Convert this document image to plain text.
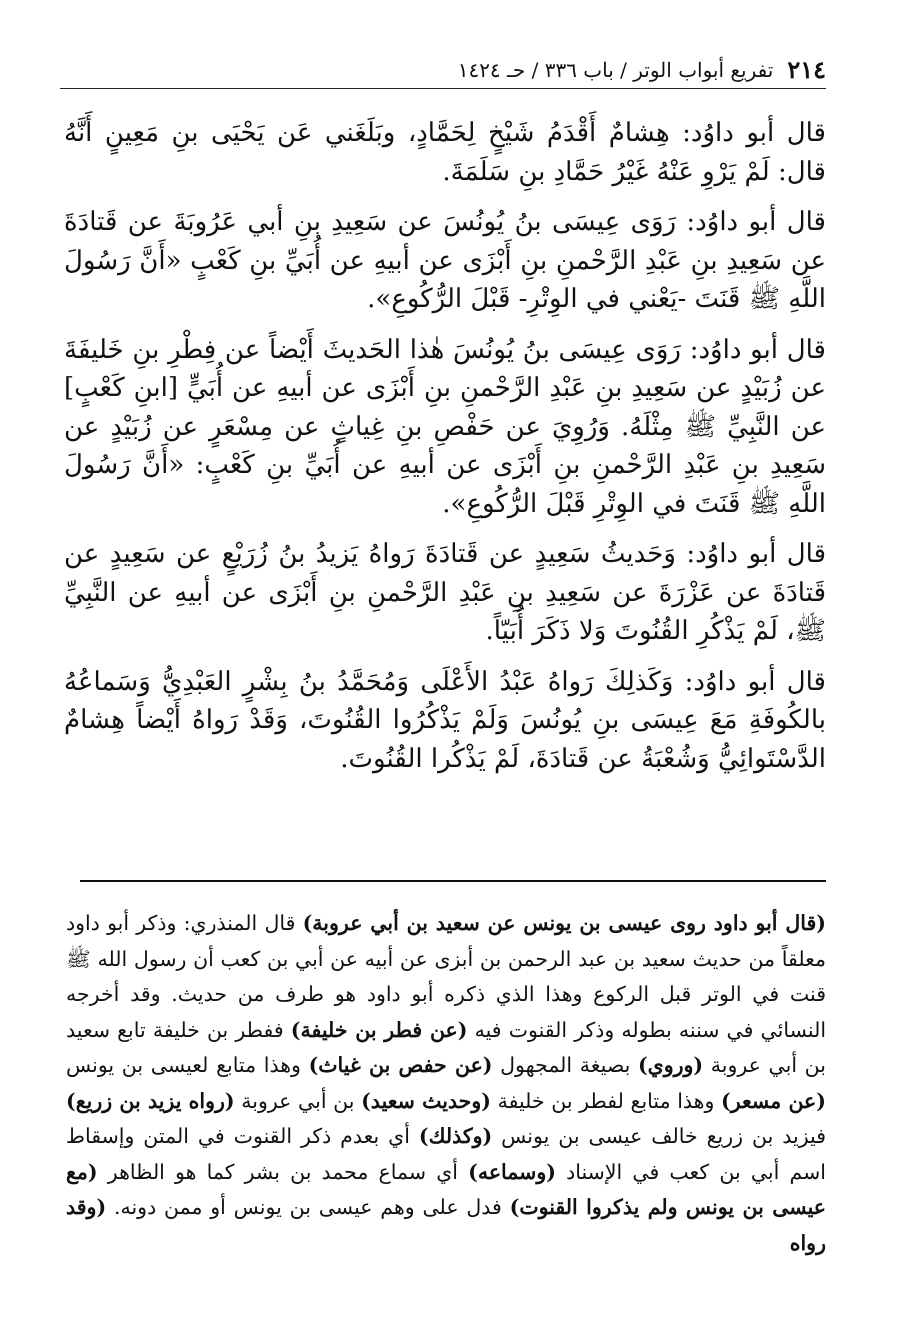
٢١٤
تفريع أبواب الوتر / باب ٣٣٦ / حـ ١٤٢٤

قال أبو داوُد: هِشامٌ أَقْدَمُ شَيْخٍ لِحَمَّادٍ، وبَلَغَني عَن يَحْيَى بنِ مَعِينٍ أَنَّهُ قال: لَمْ يَرْوِ عَنْهُ غَيْرُ حَمَّادِ بنِ سَلَمَةَ.

قال أبو داوُد: رَوَى عِيسَى بنُ يُونُسَ عن سَعِيدِ بنِ أبي عَرُوبَةَ عن قَتادَةَ عن سَعِيدِ بنِ عَبْدِ الرَّحْمنِ بنِ أَبْزَى عن أبيهِ عن أُبَيِّ بنِ كَعْبٍ «أَنَّ رَسُولَ اللَّهِ ﷺ قَنَتَ -يَعْني في الوِتْرِ- قَبْلَ الرُّكُوعِ».

قال أبو داوُد: رَوَى عِيسَى بنُ يُونُسَ هٰذا الحَديثَ أَيْضاً عن فِطْرِ بنِ خَليفَةَ عن زُبَيْدٍ عن سَعِيدِ بنِ عَبْدِ الرَّحْمنِ بنِ أَبْزَى عن أبيهِ عن أُبَيٍّ [ابنِ كَعْبٍ] عن النَّبِيِّ ﷺ مِثْلَهُ. وَرُوِيَ عن حَفْصِ بنِ غِياثٍ عن مِسْعَرٍ عن زُبَيْدٍ عن سَعِيدِ بنِ عَبْدِ الرَّحْمنِ بنِ أَبْزَى عن أبيهِ عن أُبَيِّ بنِ كَعْبٍ: «أَنَّ رَسُولَ اللَّهِ ﷺ قَنَتَ في الوِتْرِ قَبْلَ الرُّكُوعِ».

قال أبو داوُد: وَحَديثُ سَعِيدٍ عن قَتادَةَ رَواهُ يَزيدُ بنُ زُرَيْعٍ عن سَعِيدٍ عن قَتادَةَ عن عَزْرَةَ عن سَعِيدِ بنِ عَبْدِ الرَّحْمنِ بنِ أَبْزَى عن أبيهِ عن النَّبِيِّ ﷺ، لَمْ يَذْكُرِ القُنُوتَ وَلا ذَكَرَ أُبَيّاً.

قال أبو داوُد: وَكَذلِكَ رَواهُ عَبْدُ الأَعْلَى وَمُحَمَّدُ بنُ بِشْرٍ العَبْدِيُّ وَسَماعُهُ بالكُوفَةِ مَعَ عِيسَى بنِ يُونُسَ وَلَمْ يَذْكُرُوا القُنُوتَ، وَقَدْ رَواهُ أَيْضاً هِشامٌ الدَّسْتَوائِيُّ وَشُعْبَةُ عن قَتادَةَ، لَمْ يَذْكُرا القُنُوتَ.

(قال أبو داود روى عيسى بن يونس عن سعيد بن أبي عروبة) قال المنذري: وذكر أبو داود معلقاً من حديث سعيد بن عبد الرحمن بن أبزى عن أبيه عن أبي بن كعب أن رسول الله ﷺ قنت في الوتر قبل الركوع وهذا الذي ذكره أبو داود هو طرف من حديث. وقد أخرجه النسائي في سننه بطوله وذكر القنوت فيه (عن فطر بن خليفة) ففطر بن خليفة تابع سعيد بن أبي عروبة (وروي) بصيغة المجهول (عن حفص بن غياث) وهذا متابع لعيسى بن يونس (عن مسعر) وهذا متابع لفطر بن خليفة (وحديث سعيد) بن أبي عروبة (رواه يزيد بن زريع) فيزيد بن زريع خالف عيسى بن يونس (وكذلك) أي بعدم ذكر القنوت في المتن وإسقاط اسم أبي بن كعب في الإسناد (وسماعه) أي سماع محمد بن بشر كما هو الظاهر (مع عيسى بن يونس ولم يذكروا القنوت) فدل على وهم عيسى بن يونس أو ممن دونه. (وقد رواه
